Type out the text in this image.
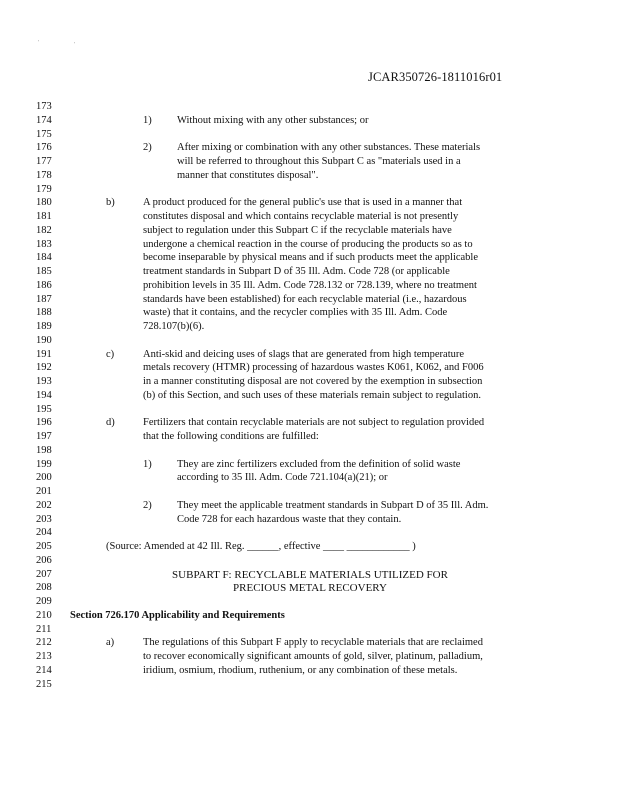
'	'
JCAR350726-1811016r01
173
174	1) Without mixing with any other substances; or
175
176	2) After mixing or combination with any other substances. These materials
177	will be referred to throughout this Subpart C as "materials used in a
178	manner that constitutes disposal".
179
180	b)	A product produced for the general public's use that is used in a manner that
181	constitutes disposal and which contains recyclable material is not presently
182	subject to regulation under this Subpart C if the recyclable materials have
183	undergone a chemical reaction in the course of producing the products so as to
184	become inseparable by physical means and if such products meet the applicable
185	treatment standards in Subpart D of 35 Ill. Adm. Code 728 (or applicable
186	prohibition levels in 35 Ill. Adm. Code 728.132 or 728.139, where no treatment
187	standards have been established) for each recyclable material (i.e., hazardous
188	waste) that it contains, and the recycler complies with 35 Ill. Adm. Code
189	728.107(b)(6).
190
191	c)	Anti-skid and deicing uses of slags that are generated from high temperature
192	metals recovery (HTMR) processing of hazardous wastes K061, K062, and F006
193	in a manner constituting disposal are not covered by the exemption in subsection
194	(b) of this Section, and such uses of these materials remain subject to regulation.
195
196	d)	Fertilizers that contain recyclable materials are not subject to regulation provided
197	that the following conditions are fulfilled:
198
199	1) They are zinc fertilizers excluded from the definition of solid waste
200	according to 35 Ill. Adm. Code 721.104(a)(21); or
201
202	2) They meet the applicable treatment standards in Subpart D of 35 Ill. Adm.
203	Code 728 for each hazardous waste that they contain.
204
205	(Source: Amended at 42 Ill. Reg. ______, effective ____ ____________ )
206
207	SUBPART F: RECYCLABLE MATERIALS UTILIZED FOR
208	PRECIOUS METAL RECOVERY
209
210	Section 726.170 Applicability and Requirements
211
212	a)	The regulations of this Subpart F apply to recyclable materials that are reclaimed
213	to recover economically significant amounts of gold, silver, platinum, palladium,
214	iridium, osmium, rhodium, ruthenium, or any combination of these metals.
215
